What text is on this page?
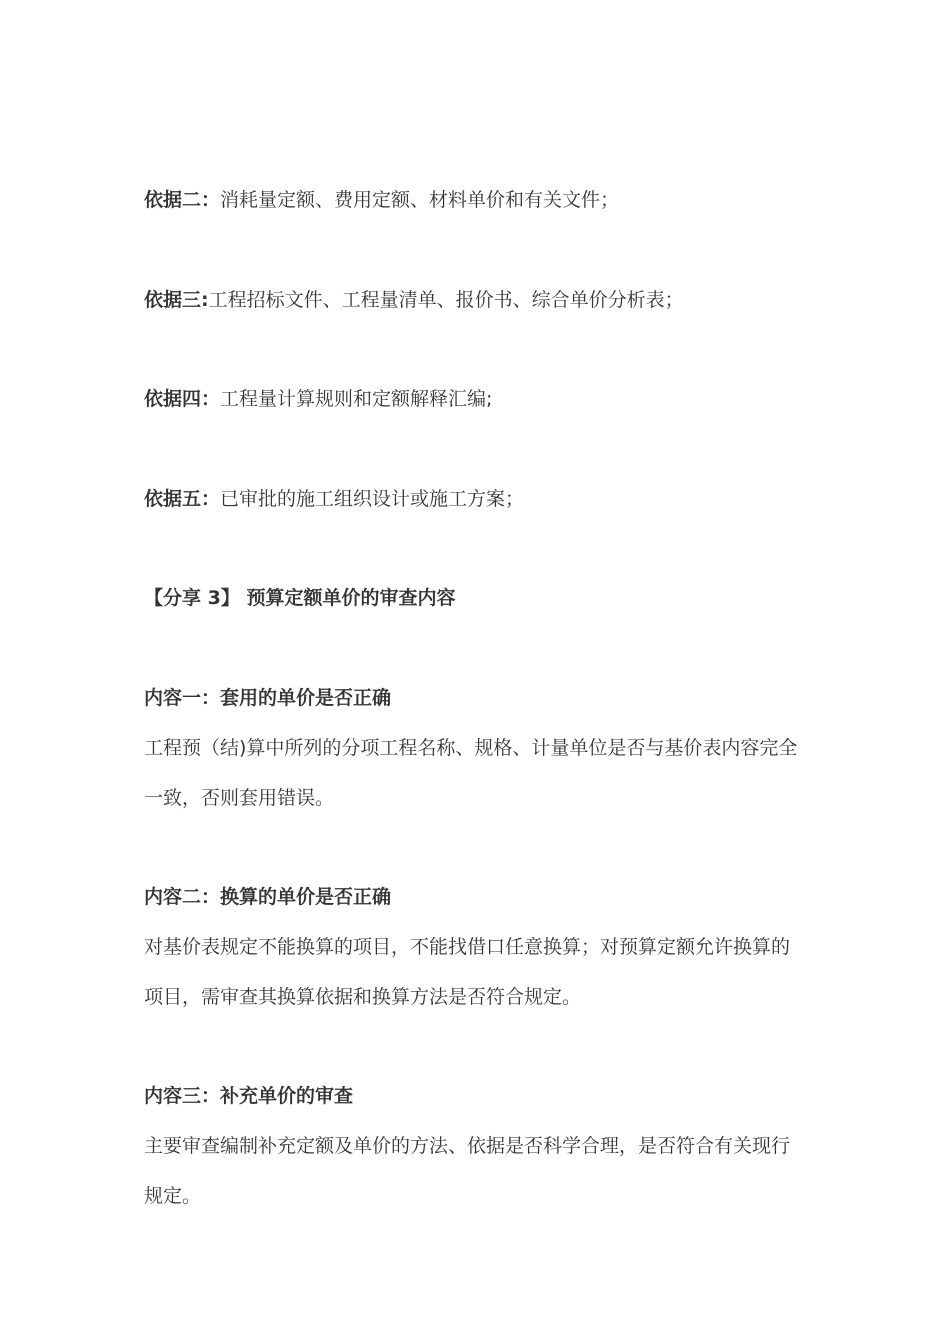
依据二：消耗量定额、费用定额、材料单价和有关文件；
依据三:工程招标文件、工程量清单、报价书、综合单价分析表；
依据四：工程量计算规则和定额解释汇编;
依据五：已审批的施工组织设计或施工方案；
【分享 3】 预算定额单价的审查内容
内容一：套用的单价是否正确
工程预（结)算中所列的分项工程名称、规格、计量单位是否与基价表内容完全
一致，否则套用错误。
内容二：换算的单价是否正确
对基价表规定不能换算的项目，不能找借口任意换算；对预算定额允许换算的
项目，需审查其换算依据和换算方法是否符合规定。
内容三：补充单价的审查
主要审查编制补充定额及单价的方法、依据是否科学合理，是否符合有关现行
规定。
